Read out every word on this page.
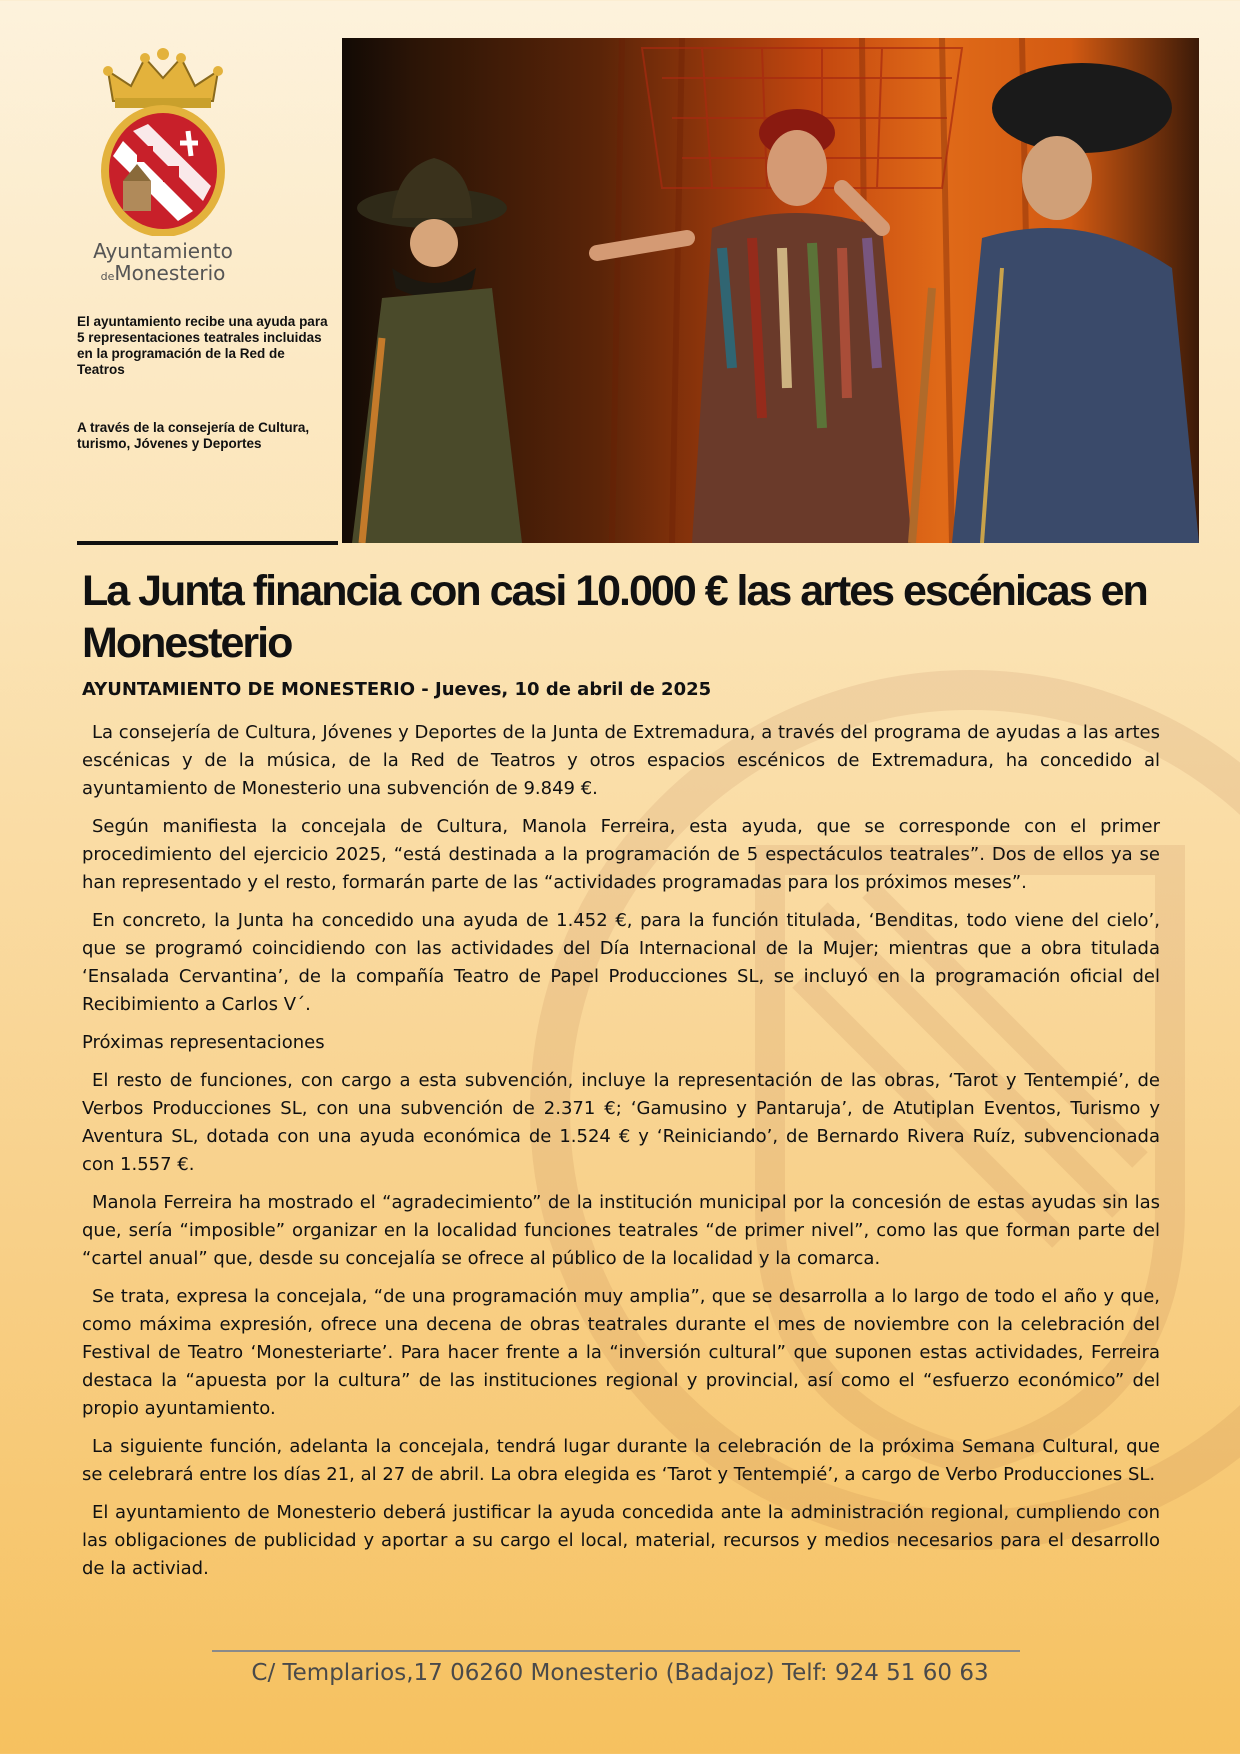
Ayuntamiento
deMonesterio
El ayuntamiento recibe una ayuda para 5 representaciones teatrales incluidas en la programación de la Red de Teatros
A través de la consejería de Cultura, turismo, Jóvenes y Deportes
La Junta financia con casi 10.000 € las artes escénicas en Monesterio
AYUNTAMIENTO DE MONESTERIO - Jueves, 10 de abril de 2025

La consejería de Cultura, Jóvenes y Deportes de la Junta de Extremadura, a través del programa de ayudas a las artes escénicas y de la música, de la Red de Teatros y otros espacios escénicos de Extremadura, ha concedido al ayuntamiento de Monesterio una subvención de 9.849 €.

Según manifiesta la concejala de Cultura, Manola Ferreira, esta ayuda, que se corresponde con el primer procedimiento del ejercicio 2025, “está destinada a la programación de 5 espectáculos teatrales”. Dos de ellos ya se han representado y el resto, formarán parte de las “actividades programadas para los próximos meses”.

En concreto, la Junta ha concedido una ayuda de 1.452 €, para la función titulada, ‘Benditas, todo viene del cielo’, que se programó coincidiendo con las actividades del Día Internacional de la Mujer; mientras que a obra titulada ‘Ensalada Cervantina’, de la compañía Teatro de Papel Producciones SL, se incluyó en la programación oficial del Recibimiento a Carlos V´.

Próximas representaciones

El resto de funciones, con cargo a esta subvención, incluye la representación de las obras, ‘Tarot y Tentempié’, de Verbos Producciones SL, con una subvención de 2.371 €; ‘Gamusino y Pantaruja’, de Atutiplan Eventos, Turismo y Aventura SL, dotada con una ayuda económica de 1.524 € y ‘Reiniciando’, de Bernardo Rivera Ruíz, subvencionada con 1.557 €.

Manola Ferreira ha mostrado el “agradecimiento” de la institución municipal por la concesión de estas ayudas sin las que, sería “imposible” organizar en la localidad funciones teatrales “de primer nivel”, como las que forman parte del “cartel anual” que, desde su concejalía se ofrece al público de la localidad y la comarca.

Se trata, expresa la concejala, “de una programación muy amplia”, que se desarrolla a lo largo de todo el año y que, como máxima expresión, ofrece una decena de obras teatrales durante el mes de noviembre con la celebración del Festival de Teatro ‘Monesteriarte’. Para hacer frente a la “inversión cultural” que suponen estas actividades, Ferreira destaca la “apuesta por la cultura” de las instituciones regional y provincial, así como el “esfuerzo económico” del propio ayuntamiento.

La siguiente función, adelanta la concejala, tendrá lugar durante la celebración de la próxima Semana Cultural, que se celebrará entre los días 21, al 27 de abril. La obra elegida es ‘Tarot y Tentempié’, a cargo de Verbo Producciones SL.

El ayuntamiento de Monesterio deberá justificar la ayuda concedida ante la administración regional, cumpliendo con las obligaciones de publicidad y aportar a su cargo el local, material, recursos y medios necesarios para el desarrollo de la activiad.

C/ Templarios,17 06260 Monesterio (Badajoz) Telf: 924 51 60 63
